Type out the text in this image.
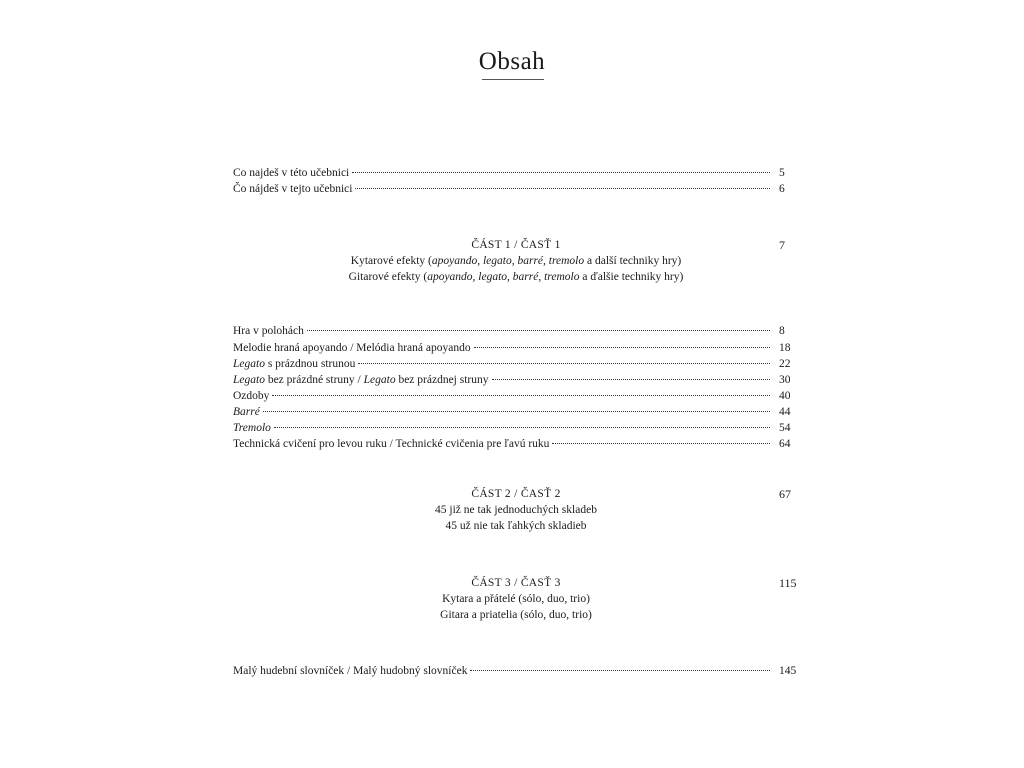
Obsah
Co najdeš v této učebnici	5
Čo nájdeš v tejto učebnici	6
ČÁST 1 / ČASŤ 1	7
Kytarové efekty (apoyando, legato, barré, tremolo a další techniky hry)
Gitarové efekty (apoyando, legato, barré, tremolo a ďalšie techniky hry)
Hra v polohách	8
Melodie hraná apoyando / Melódia hraná apoyando	18
Legato s prázdnou strunou	22
Legato bez prázdné struny / Legato bez prázdnej struny	30
Ozdoby	40
Barré	44
Tremolo	54
Technická cvičení pro levou ruku / Technické cvičenia pre ľavú ruku	64
ČÁST 2 / ČASŤ 2	67
45 již ne tak jednoduchých skladeb
45 už nie tak ľahkých skladieb
ČÁST 3 / ČASŤ 3	115
Kytara a přátelé (sólo, duo, trio)
Gitara a priatelia (sólo, duo, trio)
Malý hudební slovníček / Malý hudobný slovníček	145
